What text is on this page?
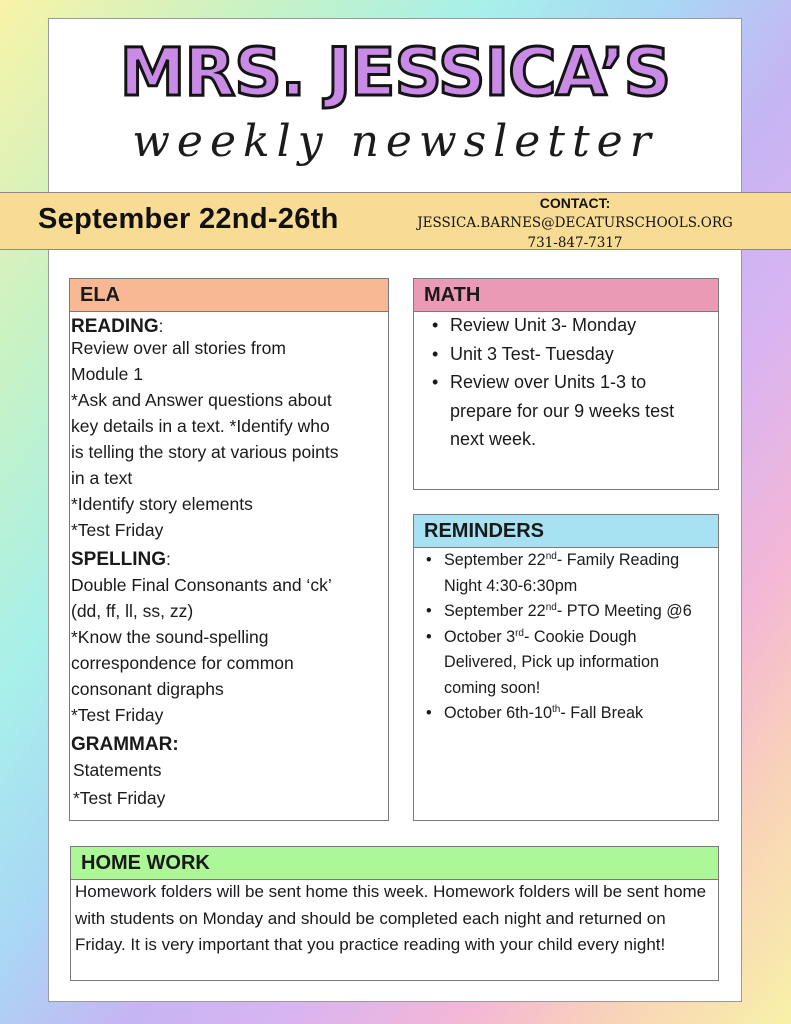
MRS. JESSICA’S
weekly newsletter
September 22nd-26th	CONTACT:
JESSICA.BARNES@DECATURSCHOOLS.ORG
731-847-7317
ELA
READING:
Review over all stories from
Module 1
*Ask and Answer questions about
key details in a text. *Identify who
is telling the story at various points
in a text
*Identify story elements
*Test Friday
SPELLING:
Double Final Consonants and ‘ck’
(dd, ff, ll, ss, zz)
*Know the sound-spelling
correspondence for common
consonant digraphs
*Test Friday
GRAMMAR:
Statements
*Test Friday
MATH
• Review Unit 3- Monday
• Unit 3 Test- Tuesday
• Review over Units 1-3 to prepare for our 9 weeks test next week.
REMINDERS
• September 22nd- Family Reading Night 4:30-6:30pm
• September 22nd- PTO Meeting @6
• October 3rd- Cookie Dough Delivered, Pick up information coming soon!
• October 6th-10th- Fall Break
HOME WORK
Homework folders will be sent home this week. Homework folders will be sent home with students on Monday and should be completed each night and returned on Friday. It is very important that you practice reading with your child every night!
